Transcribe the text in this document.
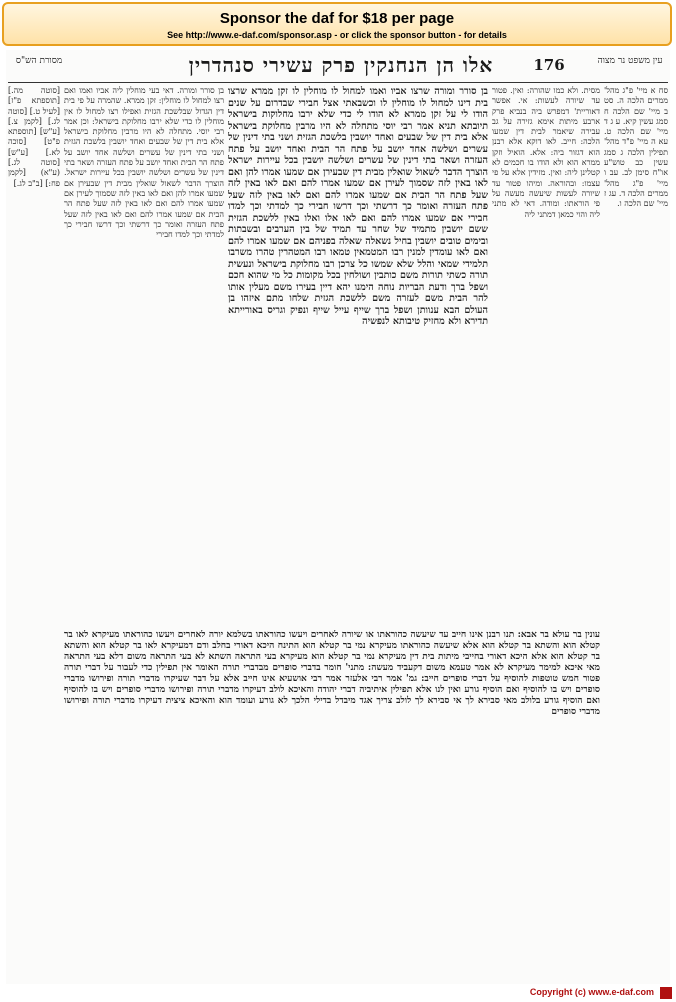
Sponsor the daf for $18 per page
See http://www.e-daf.com/sponsor.asp - or click the sponsor button - for details
מסורת הש"ס	אלו הן הנחנקין פרק עשירי סנהדרין	176	עין משפט נר מצוה
[סוטה מה.] [תוספתא פ"ז] [לעיל ט.] [סוטה לג.] [לקמן צ.] [ע"ש] [תוספתא פ"ט] [סוכה לא.] [ע"ש] [סוטה לג.] (ע"א) [לקמן פח:] [ב"ב לג.]
בן סורר ומורה. דאי בעי מוחלין ליה אביו ואמו ואם רצו למחול לו מוחלין: זקן ממרא. שהמרה על פי בית דין הגדול שבלשכת הגזית ואפילו רצו למחול לו אין מוחלין לו כדי שלא ירבו מחלוקת בישראל: וכן אמר רבי יוסי. מתחלה לא היו מרבין מחלוקת בישראל אלא בית דין של שבעים ואחד יושבין בלשכת הגזית ושני בתי דינין של עשרים ושלשה אחד יושב על פתח הר הבית ואחד יושב על פתח העזרה ושאר בתי דינין של עשרים ושלשה יושבין בכל עיירות ישראל. הוצרך הדבר לשאול שואלין מבית דין שבעירן אם שמעו אמרו להן ואם לאו באין לזה שסמוך לעירן אם שמעו אמרו להם ואם לאו באין לזה שעל פתח הר הבית אם שמעו אמרו להם ואם לאו באין לזה שעל פתח העזרה ואומר כך דרשתי וכך דרשו חבירי כך למדתי וכך למדו חבירי
בן סורר ומורה שרצו אביו ואמו למחול לו מוחלין לו זקן ממרא שרצו בית דינו למחול לו מוחלין לו וכשבאתי אצל חבירי שבדרום על שנים הודו לי על זקן ממרא לא הודו לי כדי שלא ירבו מחלוקות בישראל תיובתא תניא אמר רבי יוסי מתחלה לא היו מרבין מחלוקת בישראל אלא בית דין של שבעים ואחד יושבין בלשכת הגזית ושני בתי דינין של עשרים ושלשה אחד יושב על פתח הר הבית ואחד יושב על פתח העזרה ושאר בתי דינין של עשרים ושלשה יושבין בכל עיירות ישראל הוצרך הדבר לשאול שואלין מבית דין שבעירן אם שמעו אמרו להן ואם לאו באין לזה שסמוך לעירן אם שמעו אמרו להם ואם לאו באין לזה שעל פתח הר הבית אם שמעו אמרו להם ואם לאו באין לזה שעל פתח העזרה ואומר כך דרשתי וכך דרשו חבירי כך למדתי וכך למדו חבירי אם שמעו אמרו להם ואם לאו אלו ואלו באין ללשכת הגזית ששם יושבין מתמיד של שחר עד תמיד של בין הערבים ובשבתות ובימים טובים יושבין בחיל נשאלה שאלה בפניהם אם שמעו אמרו להם ואם לאו עומדין למנין רבו המטמאין טמאו רבו המטהרין טהרו משרבו תלמידי שמאי והלל שלא שמשו כל צרכן רבו מחלוקת בישראל ונעשית תורה כשתי תורות משם כותבין ושולחין בכל מקומות כל מי שהוא חכם ושפל ברך ודעת הבריות נוחה הימנו יהא דיין בעירו משם מעלין אותו להר הבית משם לעזרה משם ללשכת הגזית שלחו מתם איזהו בן העולם הבא ענוותן ושפל ברך שייף עייל שייף ונפיק וגריס באורייתא תדירא ולא מחזיק טיבותא לנפשיה
מסית. ולא כמו שהורה: ואין. פטור עד שיורה לעשות: אי. אפשר דאוריית' דמפרש ביה בנביא פרק ארבע מיתות אימא גזירה על גב עבירה שיאמר לבית דין שמעו הלכה: חייב. לאו דוקא אלא רבנן הוא דגזור ביה: אלא. הואיל וזקן ממרא הוא ולא הודו בו חכמים לא קטלינן ליה: ואין. מזידין אלא על פי עצמו: ובהוראה. ומיהו פטור עד שיורה לעשות שיעשה מעשה על פי הוראתו: ומודה. דאי לא מתני ליה והוי כמאן דמתני ליה
סח א מיי' פ"ג מהל' ממרים הלכה ה. סט ב מיי' שם הלכה ח סמג עשין קיא. ע ג ד מיי' שם הלכה ט. עא ה מיי' פ"ד מהל' תפילין הלכה ג סמג עשין כב טוש"ע או"ח סימן לב. עב ו מיי' פ"ג מהל' ממרים הלכה ד. עג ז מיי' שם הלכה ו.
עונין בר עולא בר אבא: תנו רבנן אינו חייב עד שיעשה כהוראתו או שיורה לאחרים ויעשו כהוראתו בשלמא יורה לאחרים ויעשו כהוראתו מעיקרא לאו בר קטלא הוא והשתא בר קטלא הוא אלא שיעשה כהוראתו מעיקרא נמי בר קטלא הוא התינח היכא דאורי בחלב ודם דמעיקרא לאו בר קטלא הוא והשתא בר קטלא הוא אלא היכא דאורי בחייבי מיתות בית דין מעיקרא נמי בר קטלא הוא מעיקרא בעי התראה השתא לא בעי התראה משום דלא בעי התראה מאי איכא למימר מעיקרא לא אמר טעמא משום דקעביד מעשה: מתני' חומר בדברי סופרים מבדברי תורה האומר אין תפילין כדי לעבור על דברי תורה פטור חמש טוטפות להוסיף על דברי סופרים חייב: גמ' אמר רבי אלעזר אמר רבי אושעיא אינו חייב אלא על דבר שעיקרו מדברי תורה ופירושו מדברי סופרים ויש בו להוסיף ואם הוסיף גורע ואין לנו אלא תפילין איתיביה דברי יהודה והאיכא לולב דעיקרו מדברי תורה ופירושו מדברי סופרים ויש בו להוסיף ואם הוסיף גורע בלולב מאי סבירא לך אי סבירא לך לולב צריך אגד מיבדל בדילי הלכך לא גורע ועומד הוא והאיכא ציצית דעיקרו מדברי תורה ופירושו מדברי סופרים
Copyright (c) www.e-daf.com
